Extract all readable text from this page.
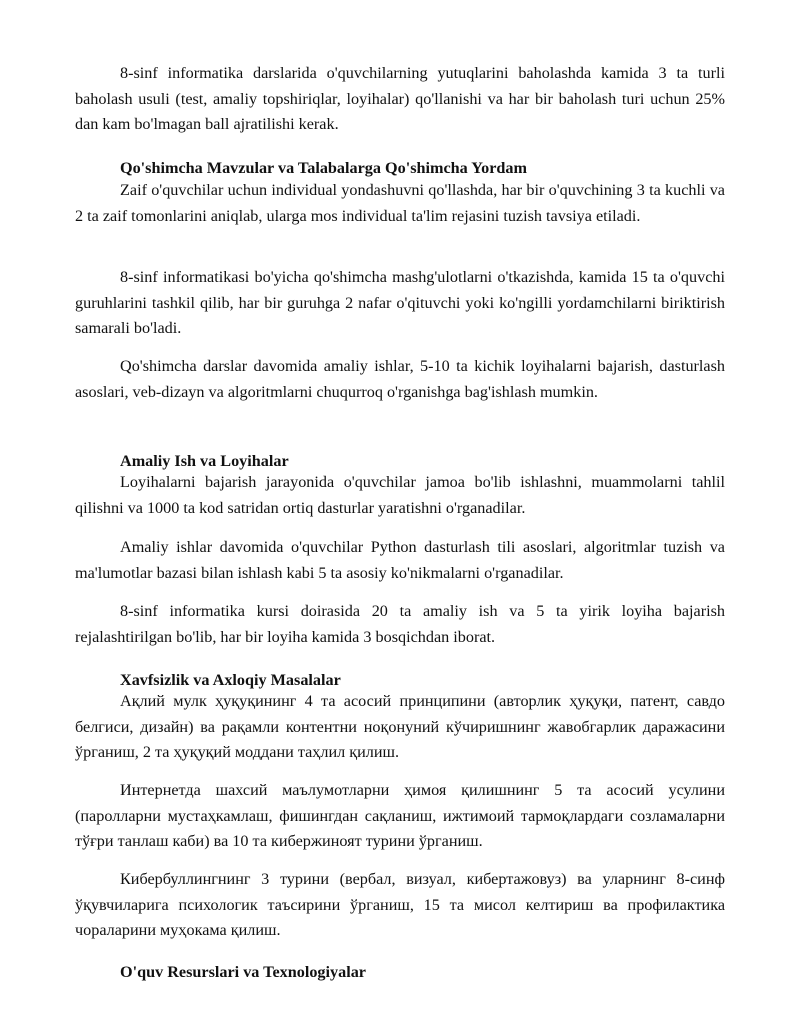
8-sinf informatika darslarida o'quvchilarning yutuqlarini baholashda kamida 3 ta turli baholash usuli (test, amaliy topshiriqlar, loyihalar) qo'llanishi va har bir baholash turi uchun 25% dan kam bo'lmagan ball ajratilishi kerak.

Qo'shimcha Mavzular va Talabalarga Qo'shimcha Yordam

Zaif o'quvchilar uchun individual yondashuvni qo'llashda, har bir o'quvchining 3 ta kuchli va 2 ta zaif tomonlarini aniqlab, ularga mos individual ta'lim rejasini tuzish tavsiya etiladi.

8-sinf informatikasi bo'yicha qo'shimcha mashg'ulotlarni o'tkazishda, kamida 15 ta o'quvchi guruhlarini tashkil qilib, har bir guruhga 2 nafar o'qituvchi yoki ko'ngilli yordamchilarni biriktirish samarali bo'ladi.

Qo'shimcha darslar davomida amaliy ishlar, 5-10 ta kichik loyihalarni bajarish, dasturlash asoslari, veb-dizayn va algoritmlarni chuqurroq o'rganishga bag'ishlash mumkin.

Amaliy Ish va Loyihalar

Loyihalarni bajarish jarayonida o'quvchilar jamoa bo'lib ishlashni, muammolarni tahlil qilishni va 1000 ta kod satridan ortiq dasturlar yaratishni o'rganadilar.

Amaliy ishlar davomida o'quvchilar Python dasturlash tili asoslari, algoritmlar tuzish va ma'lumotlar bazasi bilan ishlash kabi 5 ta asosiy ko'nikmalarni o'rganadilar.

8-sinf informatika kursi doirasida 20 ta amaliy ish va 5 ta yirik loyiha bajarish rejalashtirilgan bo'lib, har bir loyiha kamida 3 bosqichdan iborat.

Xavfsizlik va Axloqiy Masalalar

Ақлий мулк ҳуқуқининг 4 та асосий принципини (авторлик ҳуқуқи, патент, савдо белгиси, дизайн) ва рақамли контентни ноқонуний кўчиришнинг жавобгарлик даражасини ўрганиш, 2 та ҳуқуқий моддани таҳлил қилиш.

Интернетда шахсий маълумотларни ҳимоя қилишнинг 5 та асосий усулини (паролларни мустаҳкамлаш, фишингдан сақланиш, ижтимоий тармоқлардаги созламаларни тўғри танлаш каби) ва 10 та кибержиноят турини ўрганиш.

Кибербуллингнинг 3 турини (вербал, визуал, кибертажовуз) ва уларнинг 8-синф ўқувчиларига психологик таъсирини ўрганиш, 15 та мисол келтириш ва профилактика чораларини муҳокама қилиш.

O'quv Resurslari va Texnologiyalar
